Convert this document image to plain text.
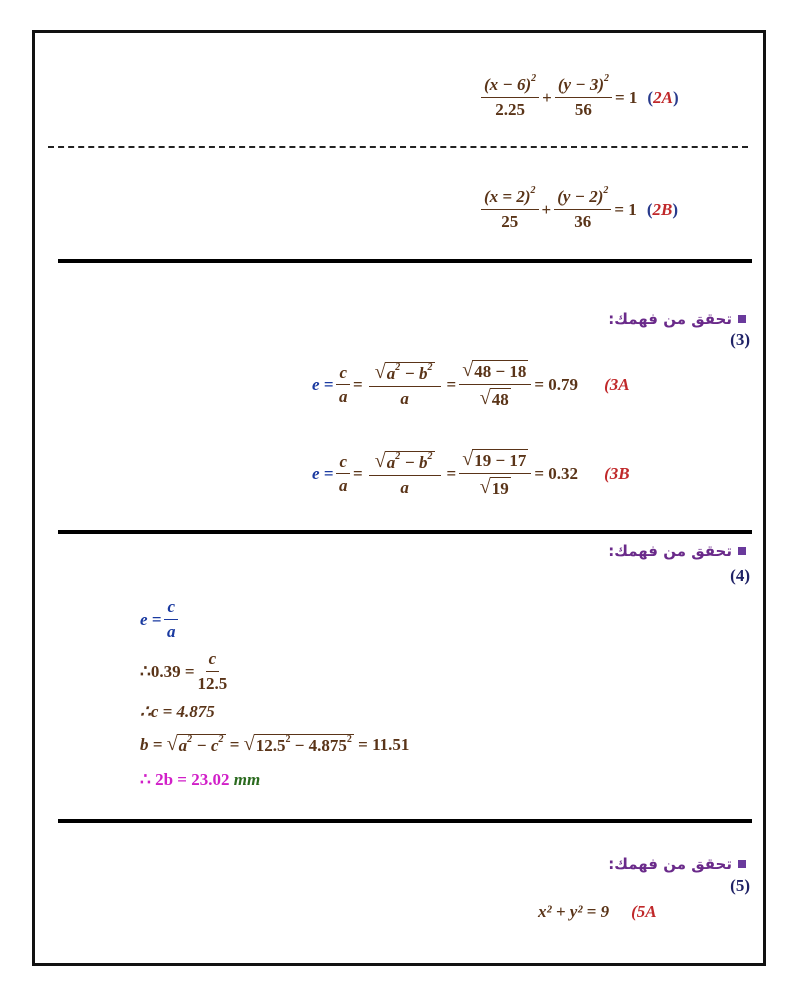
$\frac{(x - 6)^2}{2.25} + \frac{(y - 3)^2}{56} = 1$ (2A)
$\frac{(x = 2)^2}{25} + \frac{(y - 2)^2}{36} = 1$ (2B)
تحقق من فهمك:
(3)
$e = \frac{c}{a} = \frac{√ a^2 - b^2}{a} = \frac{√ 48 - 18}{√ 48} = 0.79$ (3A
$e = \frac{c}{a} = \frac{√ a^2 - b^2}{a} = \frac{√ 19 - 17}{√ 19} = 0.32$ (3B
تحقق من فهمك:
(4)
$e = \frac{c}{a}$
∴0.39 = $\frac{c}{12.5}$
∴c = 4.875
b =
√ $a^2 - c^2$ = √ $12.5^2 - 4.875^2$
= 11.51
∴ 2b = 23.02
mm
تحقق من فهمك:
(5)
x² + y² = 9 (5A
